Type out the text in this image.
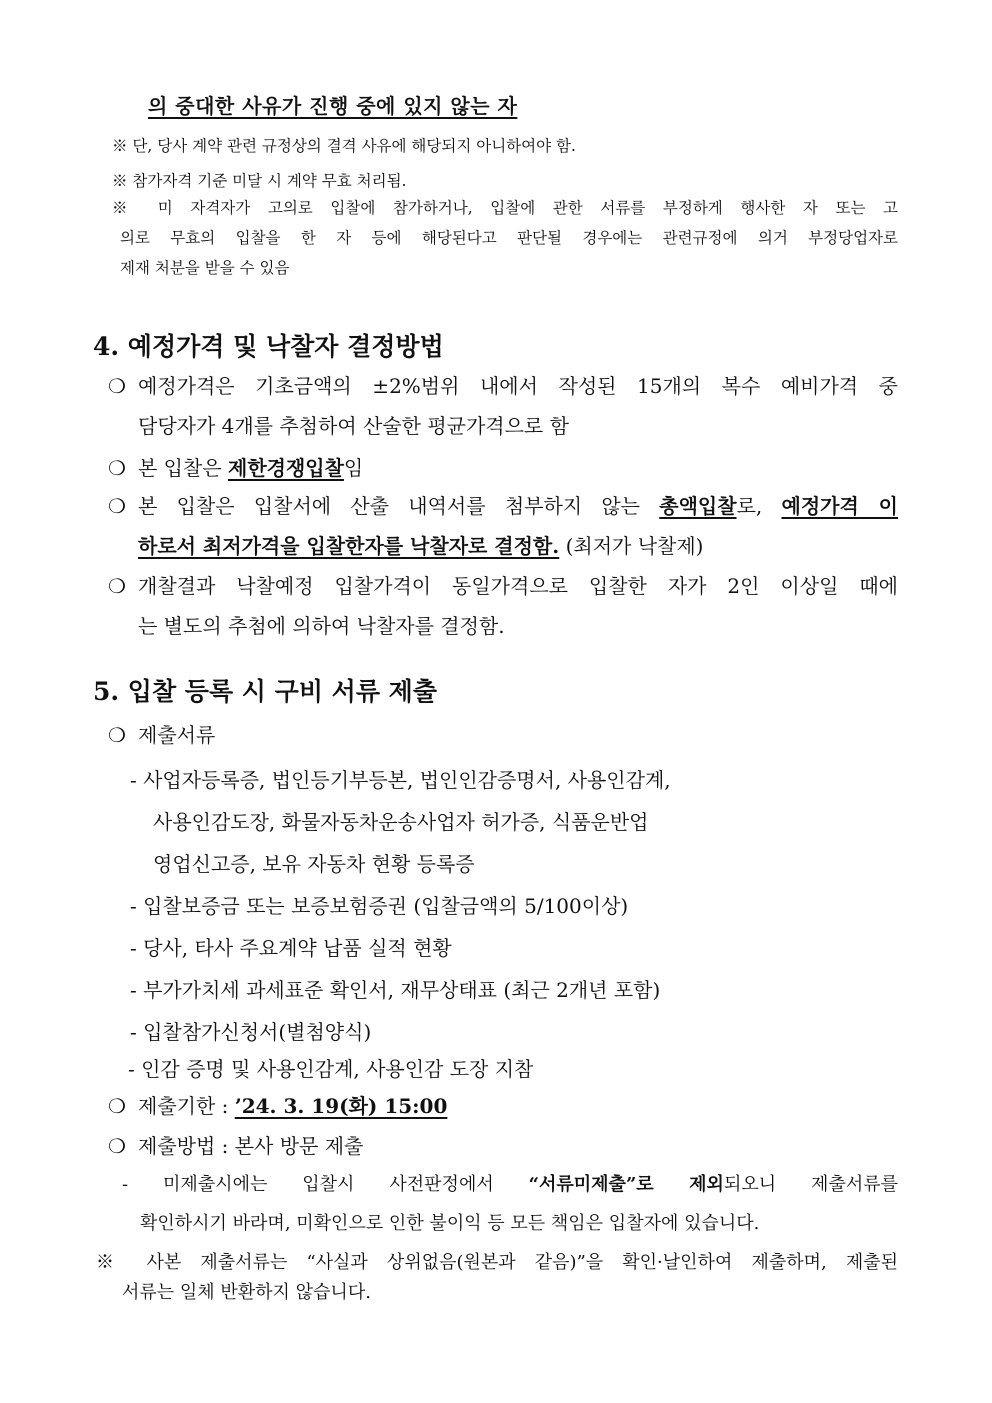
의 중대한 사유가 진행 중에 있지 않는 자
※ 단, 당사 계약 관련 규정상의 결격 사유에 해당되지 아니하여야 함.
※ 참가자격 기준 미달 시 계약 무효 처리됨.
※ 미 자격자가 고의로 입찰에 참가하거나, 입찰에 관한 서류를 부정하게 행사한 자 또는 고
의로 무효의 입찰을 한 자 등에 해당된다고 판단될 경우에는 관련규정에 의거 부정당업자로
제재 처분을 받을 수 있음
4. 예정가격 및 낙찰자 결정방법
❍ 예정가격은 기초금액의 ±2%범위 내에서 작성된 15개의 복수 예비가격 중
담당자가 4개를 추첨하여 산술한 평균가격으로 함
❍ 본 입찰은 제한경쟁입찰임
❍ 본 입찰은 입찰서에 산출 내역서를 첨부하지 않는 총액입찰로, 예정가격 이
하로서 최저가격을 입찰한자를 낙찰자로 결정함. (최저가 낙찰제)
❍ 개찰결과 낙찰예정 입찰가격이 동일가격으로 입찰한 자가 2인 이상일 때에
는 별도의 추첨에 의하여 낙찰자를 결정함.
5. 입찰 등록 시 구비 서류 제출
❍ 제출서류
- 사업자등록증, 법인등기부등본, 법인인감증명서, 사용인감계,
사용인감도장, 화물자동차운송사업자 허가증, 식품운반업
영업신고증, 보유 자동차 현황 등록증
- 입찰보증금 또는 보증보험증권 (입찰금액의 5/100이상)
- 당사, 타사 주요계약 납품 실적 현황
- 부가가치세 과세표준 확인서, 재무상태표 (최근 2개년 포함)
- 입찰참가신청서(별첨양식)
- 인감 증명 및 사용인감계, 사용인감 도장 지참
❍ 제출기한 : ’24. 3. 19(화) 15:00
❍ 제출방법 : 본사 방문 제출
- 미제출시에는 입찰시 사전판정에서 “서류미제출”로 제외되오니 제출서류를
확인하시기 바라며, 미확인으로 인한 불이익 등 모든 책임은 입찰자에 있습니다.
※ 사본 제출서류는 “사실과 상위없음(원본과 같음)”을 확인·날인하여 제출하며, 제출된
서류는 일체 반환하지 않습니다.
